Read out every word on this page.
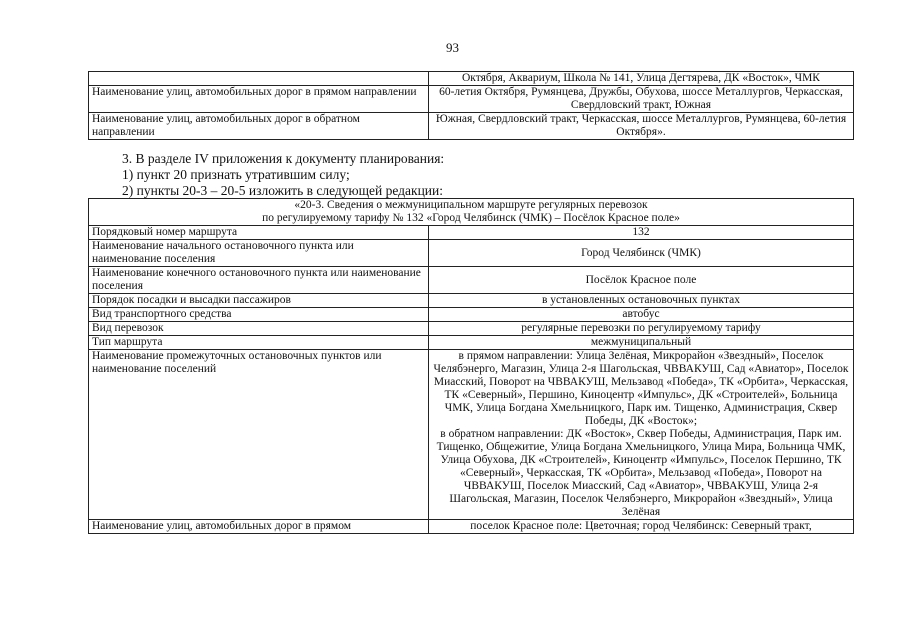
93
	Октября, Аквариум, Школа № 141, Улица Дегтярева, ДК «Восток», ЧМК
Наименование улиц, автомобильных дорог в прямом направлении	60-летия Октября, Румянцева, Дружбы, Обухова, шоссе Металлургов, Черкасская, Свердловский тракт, Южная
Наименование улиц, автомобильных дорог в обратном направлении	Южная, Свердловский тракт, Черкасская, шоссе Металлургов, Румянцева, 60-летия Октября».
3. В разделе IV приложения к документу планирования:
1) пункт 20 признать утратившим силу;
2) пункты 20-3 – 20-5 изложить в следующей редакции:
«20-3. Сведения о межмуниципальном маршруте регулярных перевозок
по регулируемому тарифу № 132 «Город Челябинск (ЧМК) – Посёлок Красное поле»	

Порядковый номер маршрута	132
Наименование начального остановочного пункта или наименование поселения	Город Челябинск (ЧМК)
Наименование конечного остановочного пункта или наименование поселения	Посёлок Красное поле
Порядок посадки и высадки пассажиров	в установленных остановочных пунктах
Вид транспортного средства	автобус
Вид перевозок	регулярные перевозки по регулируемому тарифу
Тип маршрута	межмуниципальный
Наименование промежуточных остановочных пунктов или наименование поселений	в прямом направлении: Улица Зелёная, Микрорайон «Звездный», Поселок Челябэнерго, Магазин, Улица 2-я Шагольская, ЧВВАКУШ, Сад «Авиатор», Поселок Миасский, Поворот на ЧВВАКУШ, Мельзавод «Победа», ТК «Орбита», Черкасская, ТК «Северный», Першино, Киноцентр «Импульс», ДК «Строителей», Больница ЧМК, Улица Богдана Хмельницкого, Парк им. Тищенко, Администрация, Сквер Победы, ДК «Восток»;
в обратном направлении: ДК «Восток», Сквер Победы, Администрация, Парк им. Тищенко, Общежитие, Улица Богдана Хмельницкого, Улица Мира, Больница ЧМК, Улица Обухова, ДК «Строителей», Киноцентр «Импульс», Поселок Першино, ТК «Северный», Черкасская, ТК «Орбита», Мельзавод «Победа», Поворот на ЧВВАКУШ, Поселок Миасский, Сад «Авиатор», ЧВВАКУШ, Улица 2-я Шагольская, Магазин, Поселок Челябэнерго, Микрорайон «Звездный», Улица Зелёная

Наименование улиц, автомобильных дорог в прямом	поселок Красное поле: Цветочная; город Челябинск: Северный тракт,
